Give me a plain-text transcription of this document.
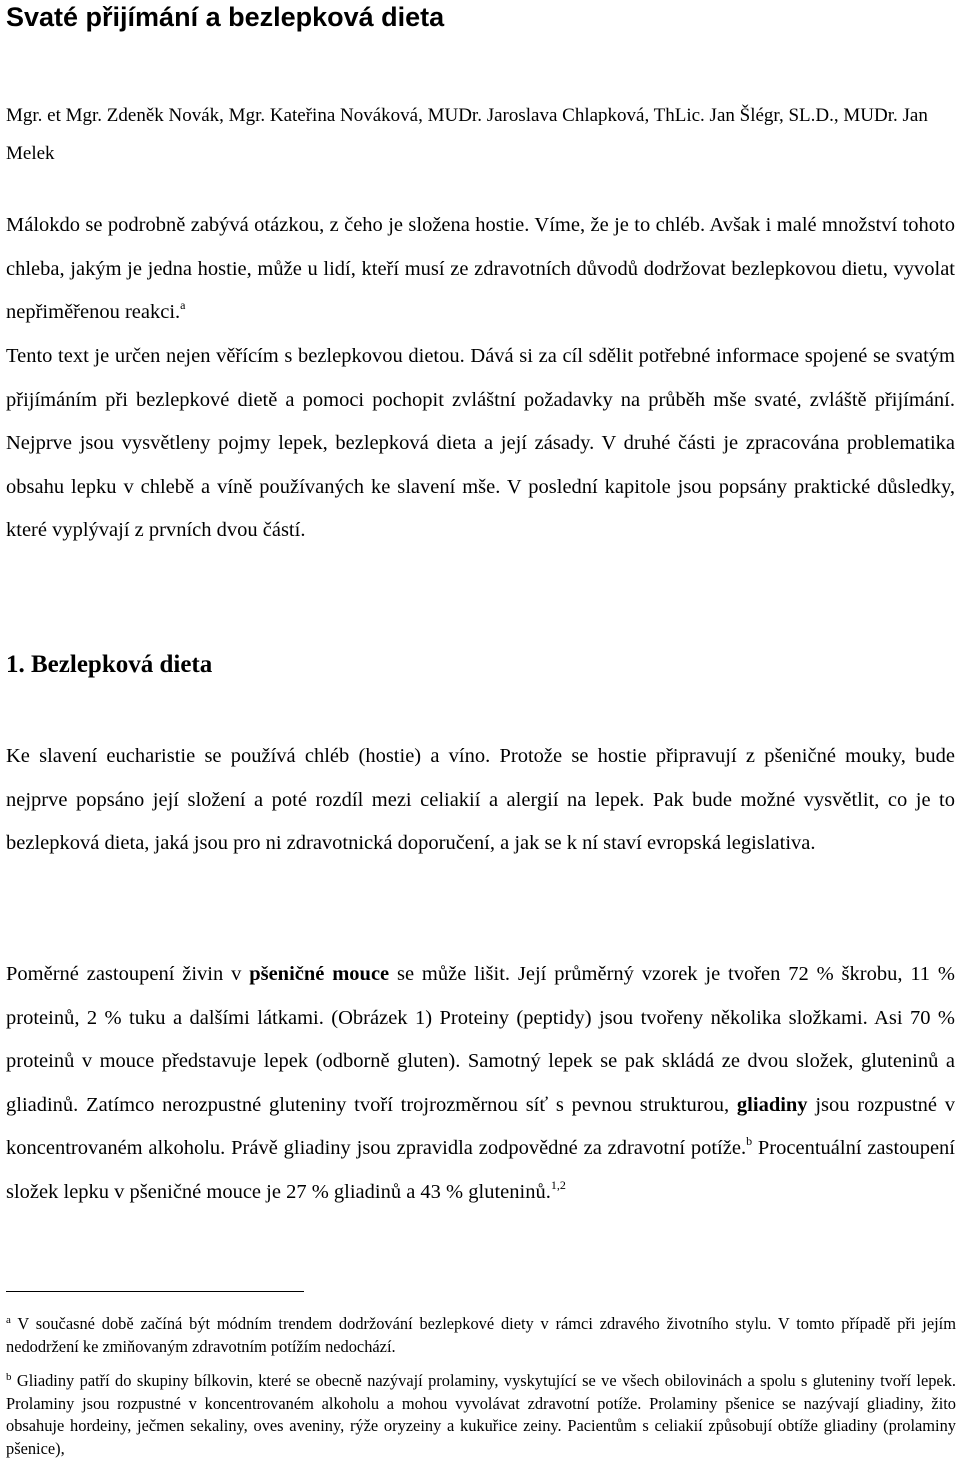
Svaté přijímání a bezlepková dieta
Mgr. et Mgr. Zdeněk Novák, Mgr. Kateřina Nováková, MUDr. Jaroslava Chlapková, ThLic. Jan Šlégr, SL.D., MUDr. Jan Melek
Málokdo se podrobně zabývá otázkou, z čeho je složena hostie. Víme, že je to chléb. Avšak i malé množství tohoto chleba, jakým je jedna hostie, může u lidí, kteří musí ze zdravotních důvodů dodržovat bezlepkovou dietu, vyvolat nepřiměřenou reakci.$^a$
Tento text je určen nejen věřícím s bezlepkovou dietou. Dává si za cíl sdělit potřebné informace spojené se svatým přijímáním při bezlepkové dietě a pomoci pochopit zvláštní požadavky na průběh mše svaté, zvláště přijímání. Nejprve jsou vysvětleny pojmy lepek, bezlepková dieta a její zásady. V druhé části je zpracována problematika obsahu lepku v chlebě a víně používaných ke slavení mše. V poslední kapitole jsou popsány praktické důsledky, které vyplývají z prvních dvou částí.
1. Bezlepková dieta
Ke slavení eucharistie se používá chléb (hostie) a víno. Protože se hostie připravují z pšeničné mouky, bude nejprve popsáno její složení a poté rozdíl mezi celiakií a alergií na lepek. Pak bude možné vysvětlit, co je to bezlepková dieta, jaká jsou pro ni zdravotnická doporučení, a jak se k ní staví evropská legislativa.
Poměrné zastoupení živin v pšeničné mouce se může lišit. Její průměrný vzorek je tvořen 72 % škrobu, 11 % proteinů, 2 % tuku a dalšími látkami. (Obrázek 1) Proteiny (peptidy) jsou tvořeny několika složkami. Asi 70 % proteinů v mouce představuje lepek (odborně gluten). Samotný lepek se pak skládá ze dvou složek, gluteninů a gliadinů. Zatímco nerozpustné gluteniny tvoří trojrozměrnou síť s pevnou strukturou, gliadiny jsou rozpustné v koncentrovaném alkoholu. Právě gliadiny jsou zpravidla zodpovědné za zdravotní potíže.$^b$ Procentuální zastoupení složek lepku v pšeničné mouce je 27 % gliadinů a 43 % gluteninů.$^{1,2}$
$^a$ V současné době začíná být módním trendem dodržování bezlepkové diety v rámci zdravého životního stylu. V tomto případě při jejím nedodržení ke zmiňovaným zdravotním potížím nedochází.
$^b$ Gliadiny patří do skupiny bílkovin, které se obecně nazývají prolaminy, vyskytující se ve všech obilovinách a spolu s gluteniny tvoří lepek. Prolaminy jsou rozpustné v koncentrovaném alkoholu a mohou vyvolávat zdravotní potíže. Prolaminy pšenice se nazývají gliadiny, žito obsahuje hordeiny, ječmen sekaliny, oves aveniny, rýže oryzeiny a kukuřice zeiny. Pacientům s celiakií způsobují obtíže gliadiny (prolaminy pšenice),
